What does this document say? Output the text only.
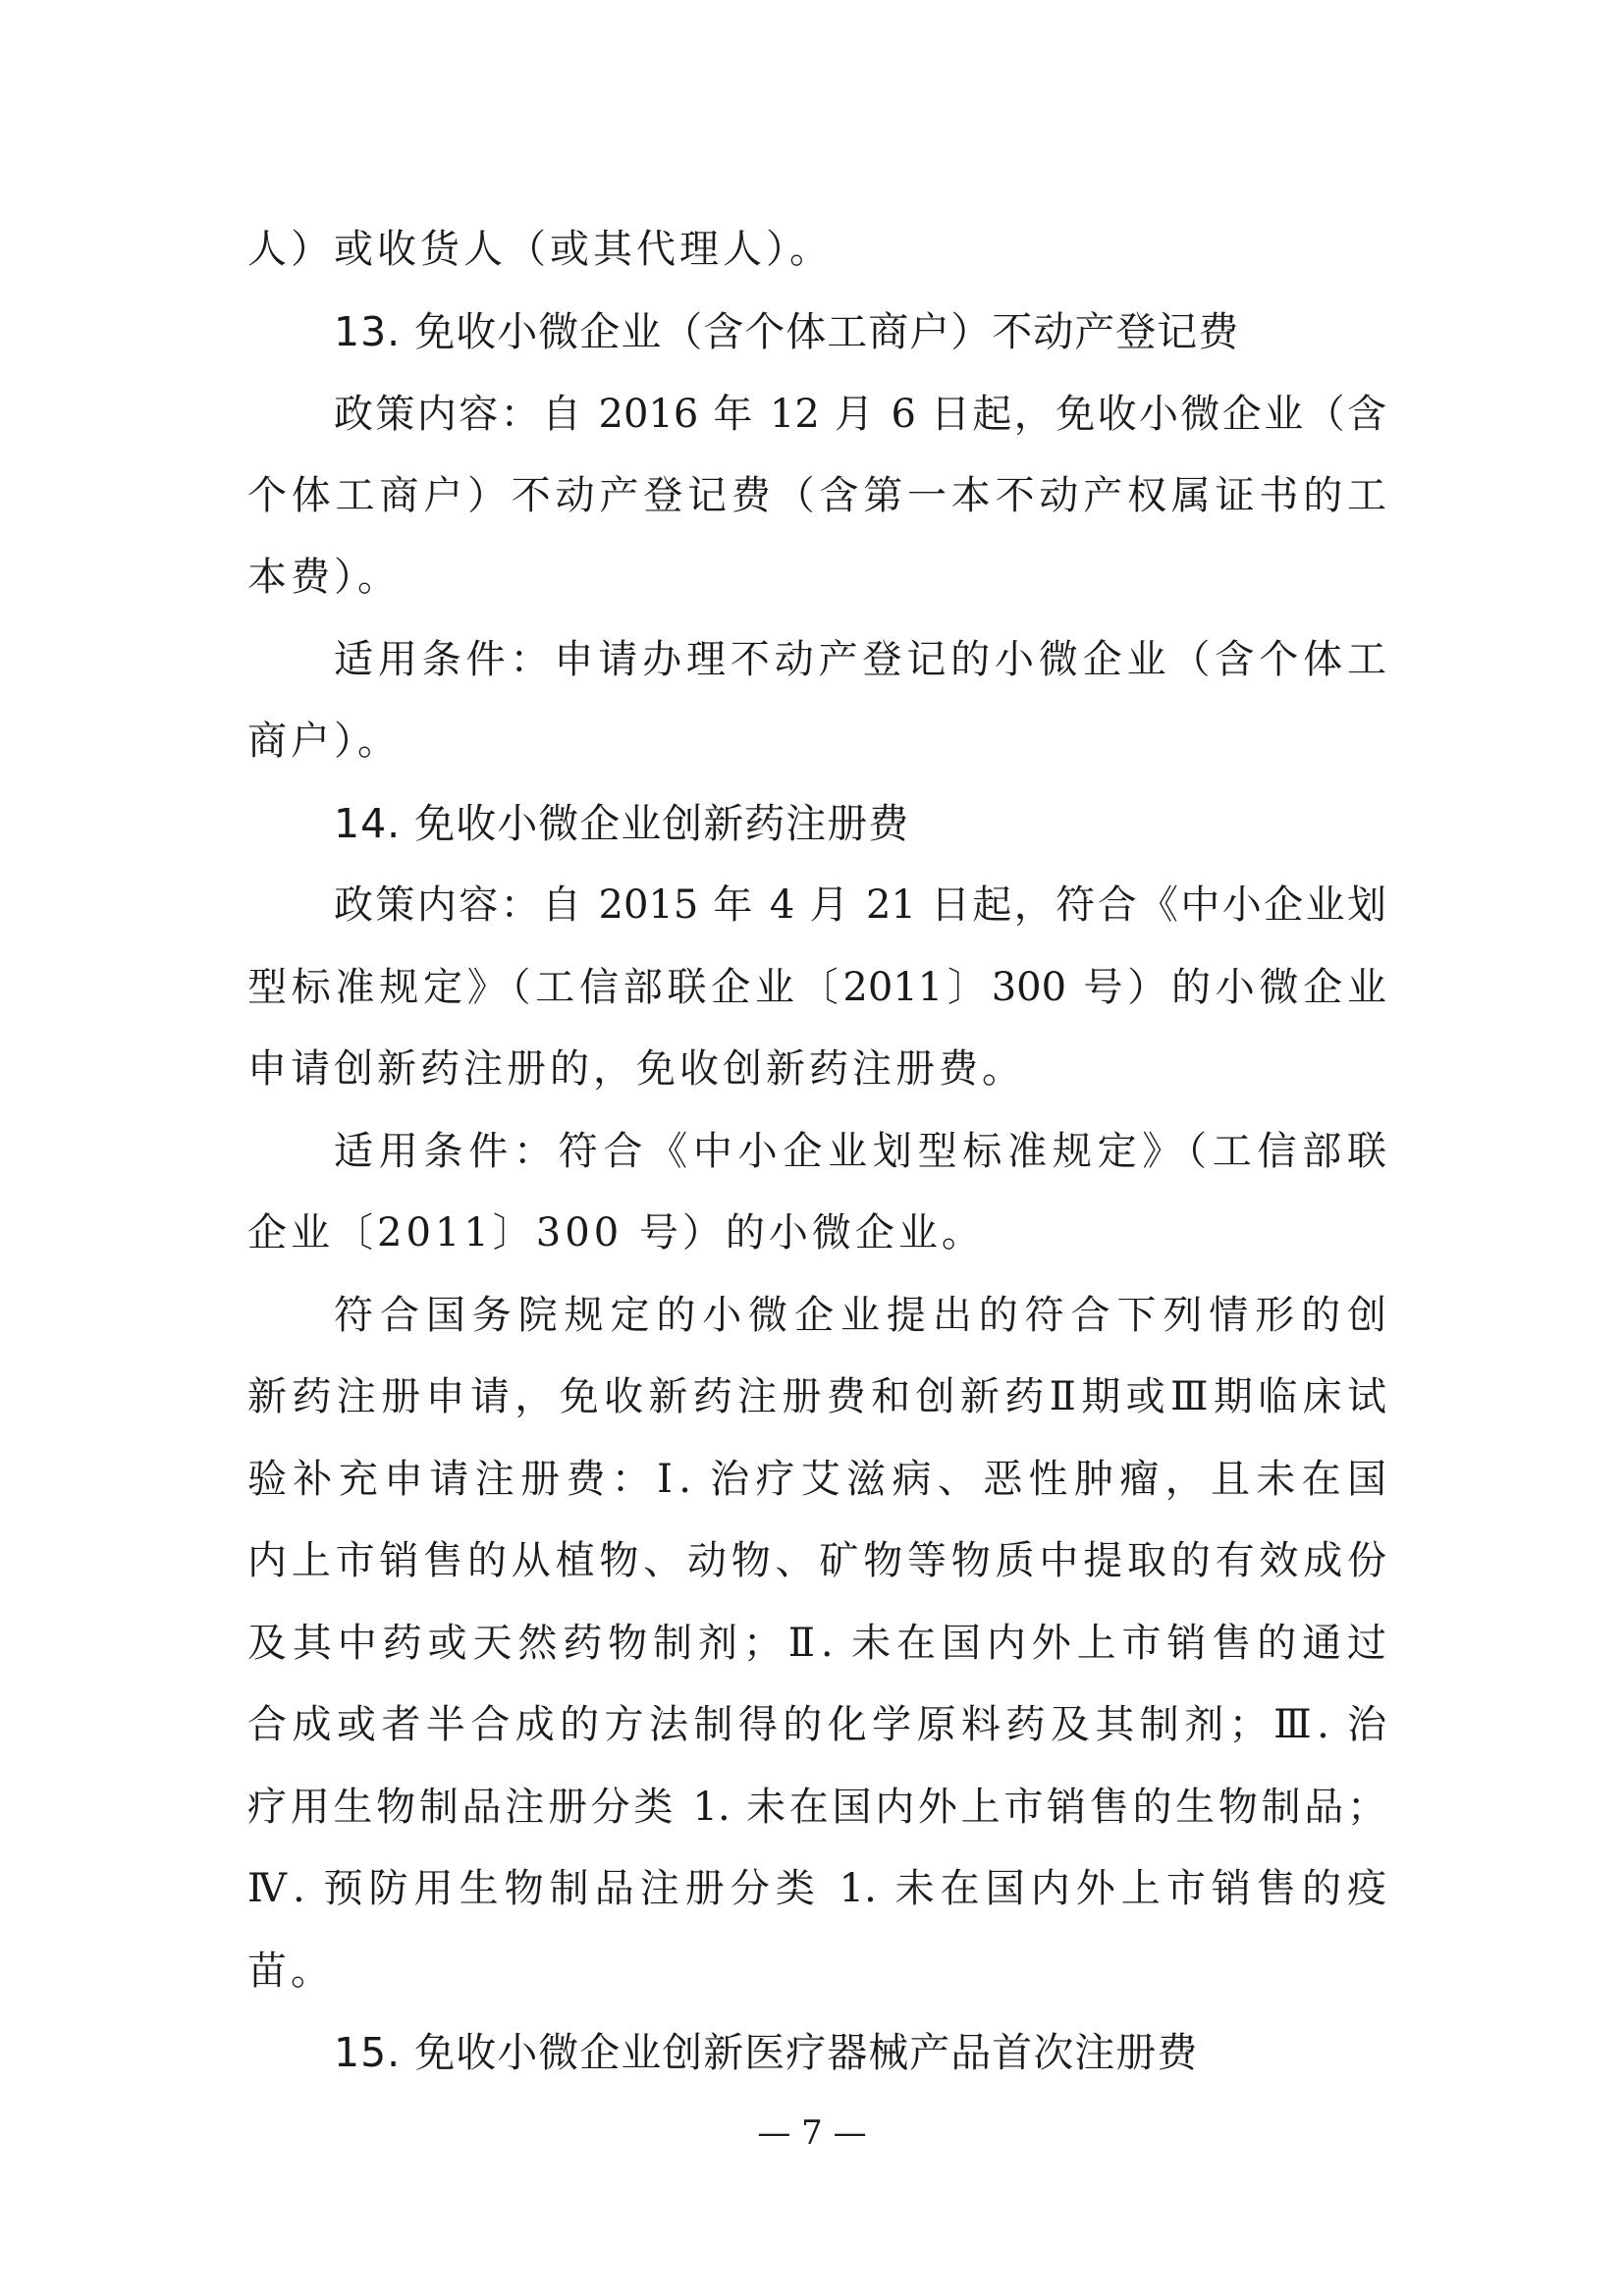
人）或收货人（或其代理人）。
13. 免收小微企业（含个体工商户）不动产登记费
政策内容：自 2016 年 12 月 6 日起，免收小微企业（含
个体工商户）不动产登记费（含第一本不动产权属证书的工
本费）。
适用条件：申请办理不动产登记的小微企业（含个体工
商户）。
14. 免收小微企业创新药注册费
政策内容：自 2015 年 4 月 21 日起，符合《中小企业划
型标准规定》（工信部联企业〔2011〕300 号）的小微企业
申请创新药注册的，免收创新药注册费。
适用条件：符合《中小企业划型标准规定》（工信部联
企业〔2011〕300 号）的小微企业。
符合国务院规定的小微企业提出的符合下列情形的创
新药注册申请，免收新药注册费和创新药Ⅱ期或Ⅲ期临床试
验补充申请注册费：Ⅰ. 治疗艾滋病、恶性肿瘤，且未在国
内上市销售的从植物、动物、矿物等物质中提取的有效成份
及其中药或天然药物制剂；Ⅱ. 未在国内外上市销售的通过
合成或者半合成的方法制得的化学原料药及其制剂；Ⅲ. 治
疗用生物制品注册分类 1. 未在国内外上市销售的生物制品；
Ⅳ. 预防用生物制品注册分类 1. 未在国内外上市销售的疫
苗。
15. 免收小微企业创新医疗器械产品首次注册费
— 7 —
